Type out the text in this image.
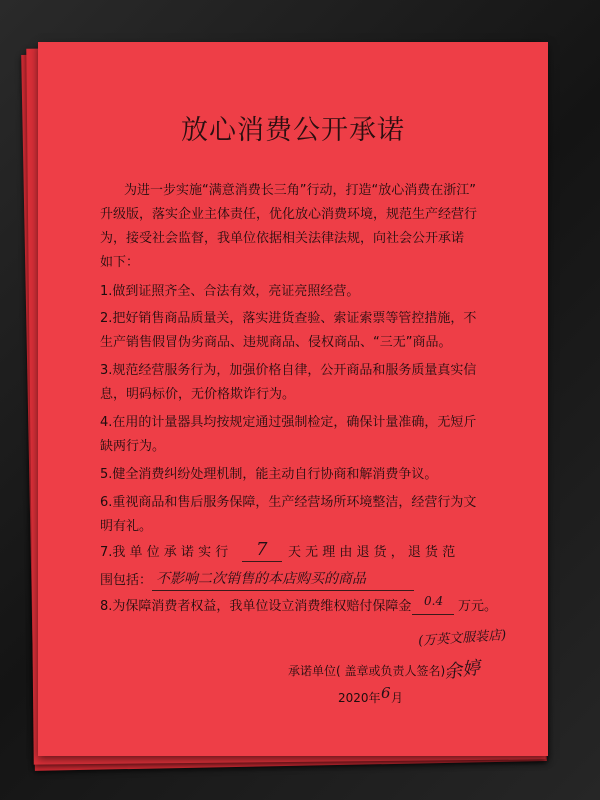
放心消费公开承诺
为进一步实施“满意消费长三角”行动，打造“放心消费在浙江”
升级版，落实企业主体责任，优化放心消费环境，规范生产经营行
为，接受社会监督，我单位依据相关法律法规，向社会公开承诺
如下：
1.做到证照齐全、合法有效，亮证亮照经营。
2.把好销售商品质量关，落实进货查验、索证索票等管控措施，不
生产销售假冒伪劣商品、违规商品、侵权商品、“三无”商品。
3.规范经营服务行为，加强价格自律，公开商品和服务质量真实信
息，明码标价，无价格欺诈行为。
4.在用的计量器具均按规定通过强制检定，确保计量准确，无短斤
缺两行为。
5.健全消费纠纷处理机制，能主动自行协商和解消费争议。
6.重视商品和售后服务保障，生产经营场所环境整洁，经营行为文
明有礼。
7.我 单 位 承 诺 实 行 7 天 无 理 由 退 货 ， 退 货 范
围包括： 不影响二次销售的本店购买的商品
8.为保障消费者权益，我单位设立消费维权赔付保障金 0.4 万元。
(万英文服装店)
承诺单位( 盖章或负责人签名)：
余婷
2020年 6 月
